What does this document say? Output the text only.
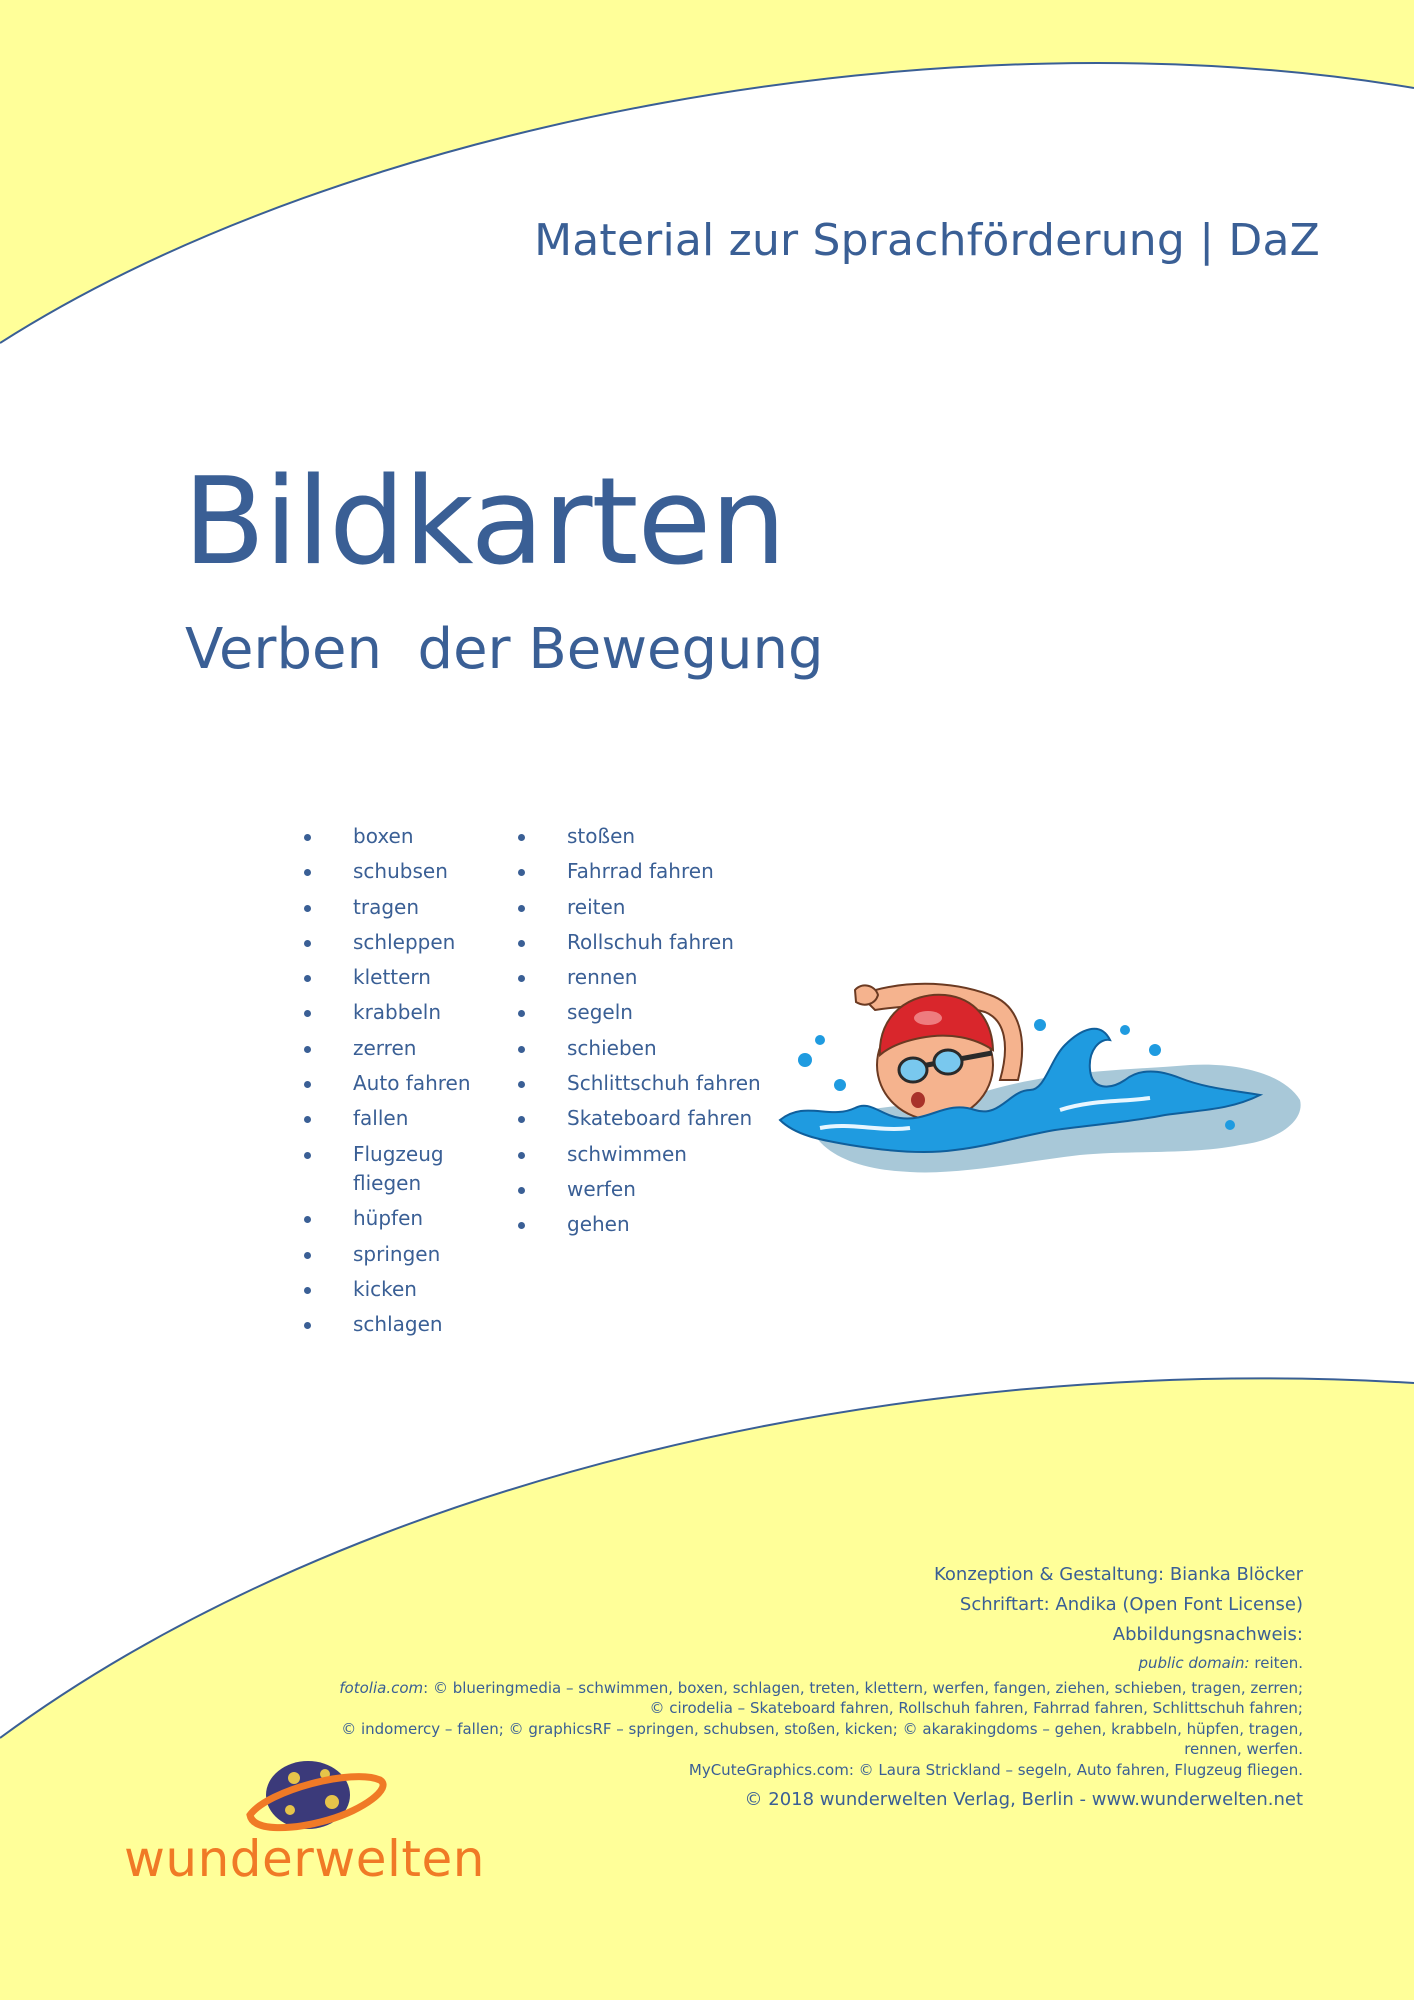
Material zur Sprachförderung | DaZ
Bildkarten
Verben  der Bewegung
boxen
schubsen
tragen
schleppen
klettern
krabbeln
zerren
Auto fahren
fallen
Flugzeug fliegen
hüpfen
springen
kicken
schlagen
stoßen
Fahrrad fahren
reiten
Rollschuh fahren
rennen
segeln
schieben
Schlittschuh fahren
Skateboard fahren
schwimmen
werfen
gehen
Konzeption & Gestaltung: Bianka Blöcker
Schriftart: Andika (Open Font License)
Abbildungsnachweis:
public domain: reiten.
fotolia.com: © blueringmedia – schwimmen, boxen, schlagen, treten, klettern, werfen, fangen, ziehen, schieben, tragen, zerren;
© cirodelia – Skateboard fahren, Rollschuh fahren, Fahrrad fahren, Schlittschuh fahren;
© indomercy – fallen; © graphicsRF – springen, schubsen, stoßen, kicken; © akarakingdoms – gehen, krabbeln, hüpfen, tragen,
rennen, werfen.
MyCuteGraphics.com: © Laura Strickland – segeln, Auto fahren, Flugzeug fliegen.
© 2018 wunderwelten Verlag, Berlin - www.wunderwelten.net
wunderwelten
